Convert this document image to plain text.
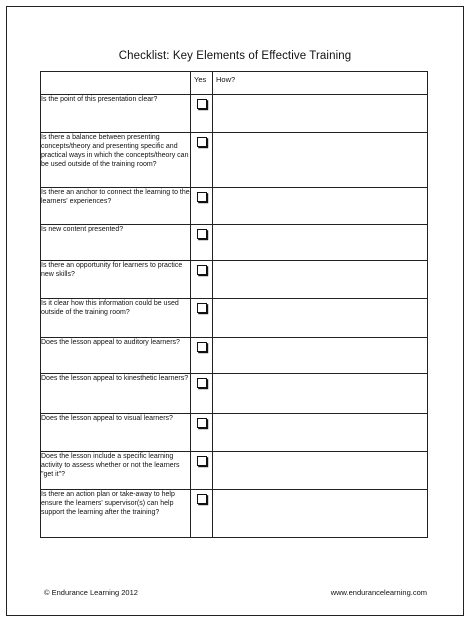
Checklist: Key Elements of Effective Training

	Yes	How?

Is the point of this presentation clear?		
Is there a balance between presenting concepts/theory and presenting specific and practical ways in which the concepts/theory can be used outside of the training room?		
Is there an anchor to connect the learning to the learners' experiences?		
Is new content presented?		
Is there an opportunity for learners to practice new skills?		
Is it clear how this information could be used outside of the training room?		
Does the lesson appeal to auditory learners?		
Does the lesson appeal to kinesthetic learners?		
Does the lesson appeal to visual learners?		
Does the lesson include a specific learning activity to assess whether or not the learners "get it"?		
Is there an action plan or take-away to help ensure the learners' supervisor(s) can help support the learning after the training?		
© Endurance Learning 2012	www.endurancelearning.com
